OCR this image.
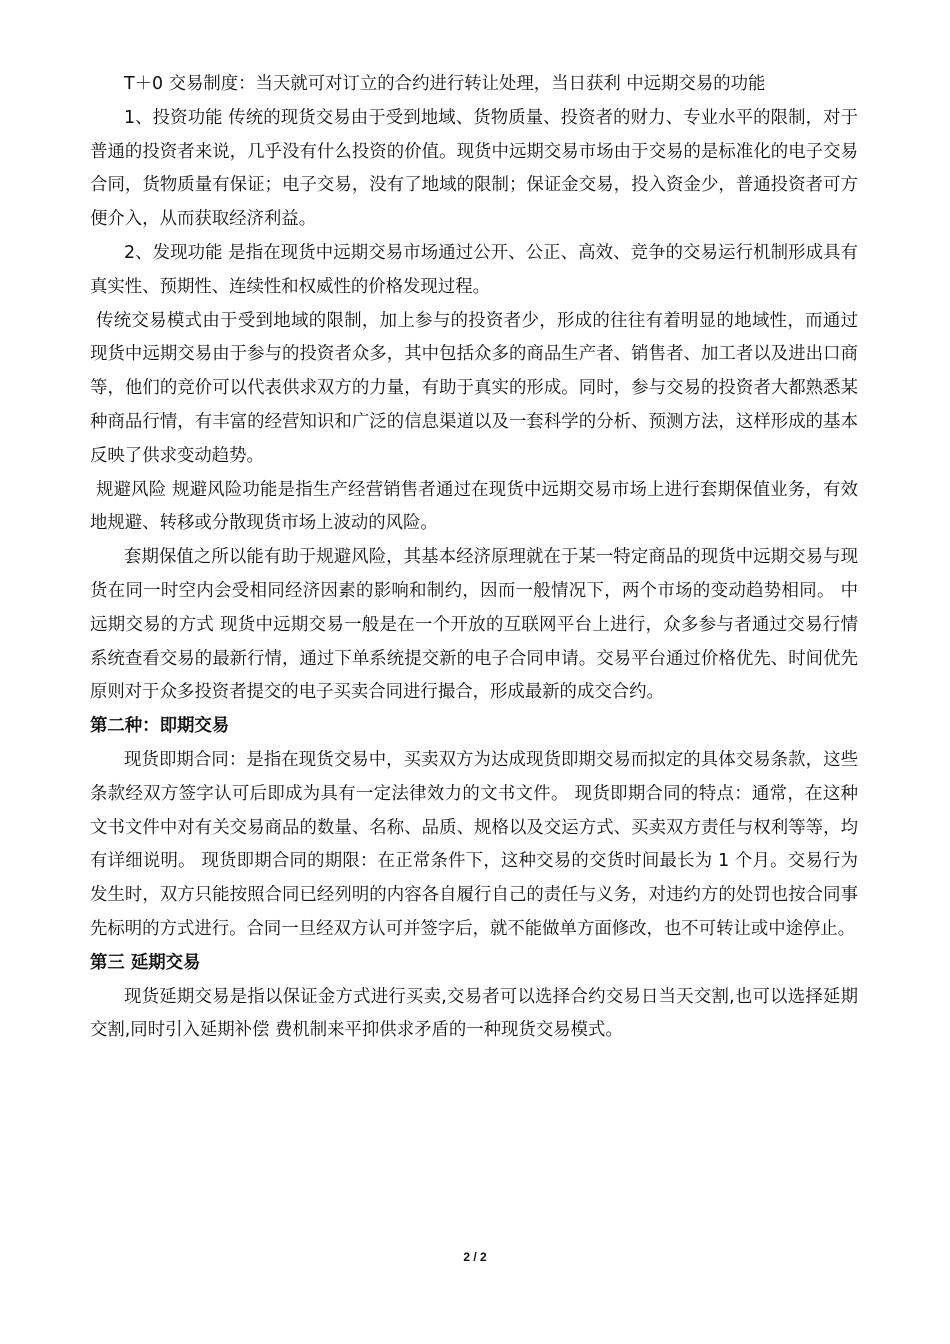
T＋0 交易制度：当天就可对订立的合约进行转让处理，当日获利 中远期交易的功能

1、投资功能 传统的现货交易由于受到地域、货物质量、投资者的财力、专业水平的限制，对于普通的投资者来说，几乎没有什么投资的价值。现货中远期交易市场由于交易的是标准化的电子交易合同，货物质量有保证；电子交易，没有了地域的限制；保证金交易，投入资金少，普通投资者可方便介入，从而获取经济利益。

2、发现功能 是指在现货中远期交易市场通过公开、公正、高效、竞争的交易运行机制形成具有真实性、预期性、连续性和权威性的价格发现过程。

传统交易模式由于受到地域的限制，加上参与的投资者少，形成的往往有着明显的地域性，而通过现货中远期交易由于参与的投资者众多，其中包括众多的商品生产者、销售者、加工者以及进出口商等，他们的竞价可以代表供求双方的力量，有助于真实的形成。同时，参与交易的投资者大都熟悉某种商品行情，有丰富的经营知识和广泛的信息渠道以及一套科学的分析、预测方法，这样形成的基本反映了供求变动趋势。

规避风险 规避风险功能是指生产经营销售者通过在现货中远期交易市场上进行套期保值业务，有效地规避、转移或分散现货市场上波动的风险。

套期保值之所以能有助于规避风险，其基本经济原理就在于某一特定商品的现货中远期交易与现货在同一时空内会受相同经济因素的影响和制约，因而一般情况下，两个市场的变动趋势相同。 中远期交易的方式 现货中远期交易一般是在一个开放的互联网平台上进行，众多参与者通过交易行情系统查看交易的最新行情，通过下单系统提交新的电子合同申请。交易平台通过价格优先、时间优先原则对于众多投资者提交的电子买卖合同进行撮合，形成最新的成交合约。

第二种：即期交易

现货即期合同：是指在现货交易中，买卖双方为达成现货即期交易而拟定的具体交易条款，这些条款经双方签字认可后即成为具有一定法律效力的文书文件。 现货即期合同的特点：通常，在这种文书文件中对有关交易商品的数量、名称、品质、规格以及交运方式、买卖双方责任与权利等等，均有详细说明。 现货即期合同的期限：在正常条件下，这种交易的交货时间最长为 1 个月。交易行为发生时，双方只能按照合同已经列明的内容各自履行自己的责任与义务，对违约方的处罚也按合同事先标明的方式进行。合同一旦经双方认可并签字后，就不能做单方面修改，也不可转让或中途停止。

第三 延期交易

现货延期交易是指以保证金方式进行买卖,交易者可以选择合约交易日当天交割,也可以选择延期交割,同时引入延期补偿 费机制来平抑供求矛盾的一种现货交易模式。

2 / 2
